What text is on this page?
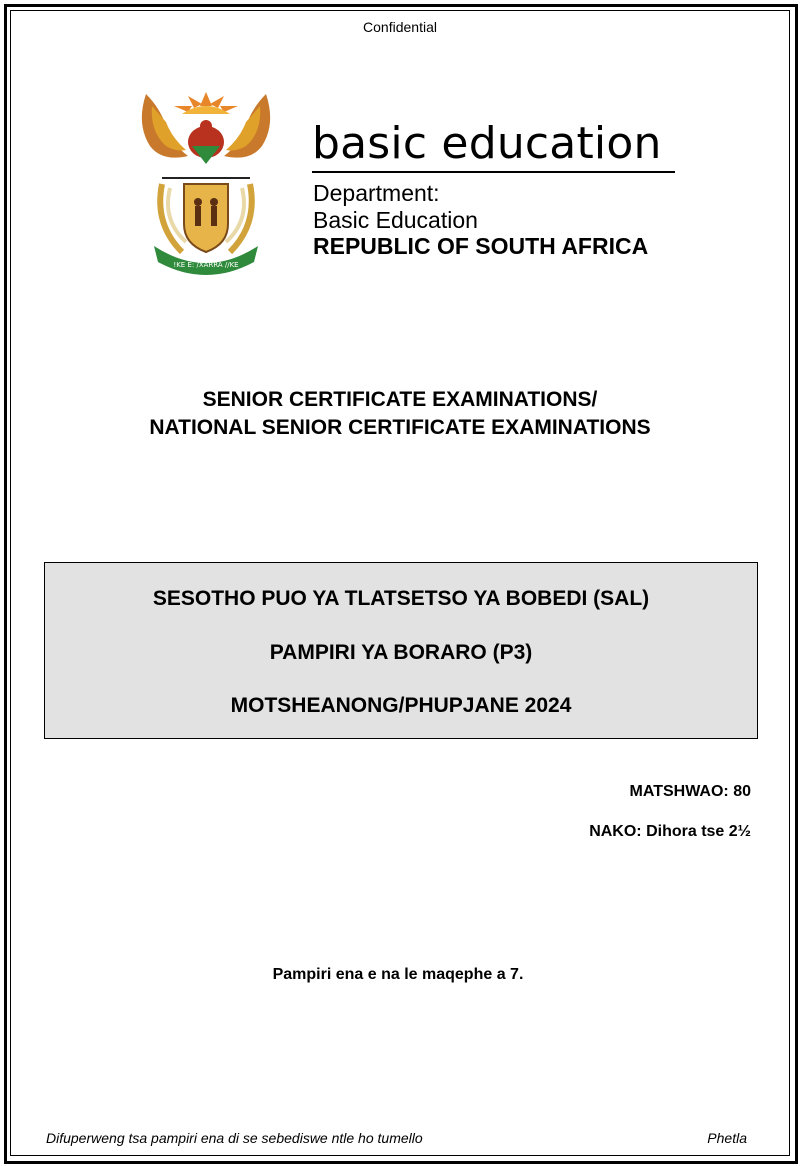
Confidential
!KE E: /XARRA //KE
basic education
Department:
Basic Education
REPUBLIC OF SOUTH AFRICA
SENIOR CERTIFICATE EXAMINATIONS/
NATIONAL SENIOR CERTIFICATE EXAMINATIONS
SESOTHO PUO YA TLATSETSO YA BOBEDI (SAL)
PAMPIRI YA BORARO (P3)
MOTSHEANONG/PHUPJANE 2024
MATSHWAO: 80
NAKO: Dihora tse 2½
Pampiri ena e na le maqephe a 7.
Difuperweng tsa pampiri ena di se sebediswe ntle ho tumello	Phetla
